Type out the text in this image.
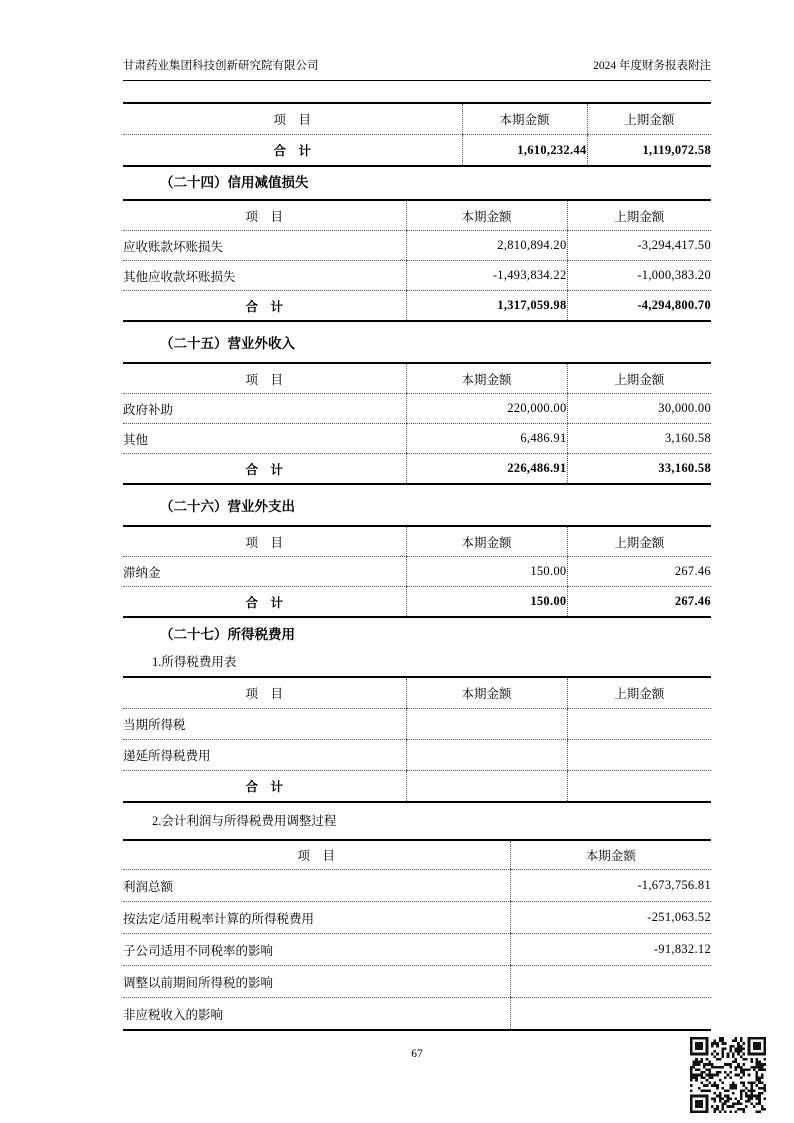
甘肃药业集团科技创新研究院有限公司	2024 年度财务报表附注
项　目	本期金额	上期金额
合　计	1,610,232.44	1,119,072.58
（二十四）信用减值损失
项　目	本期金额	上期金额
应收账款坏账损失	2,810,894.20	-3,294,417.50
其他应收款坏账损失	-1,493,834.22	-1,000,383.20
合　计	1,317,059.98	-4,294,800.70
（二十五）营业外收入
项　目	本期金额	上期金额
政府补助	220,000.00	30,000.00
其他	6,486.91	3,160.58
合　计	226,486.91	33,160.58
（二十六）营业外支出
项　目	本期金额	上期金额
滞纳金	150.00	267.46
合　计	150.00	267.46
（二十七）所得税费用
1.所得税费用表
项　目	本期金额	上期金额
当期所得税		
递延所得税费用		
合　计		
2.会计利润与所得税费用调整过程
项　目	本期金额
利润总额	-1,673,756.81
按法定/适用税率计算的所得税费用	-251,063.52
子公司适用不同税率的影响	-91,832.12
调整以前期间所得税的影响	
非应税收入的影响	
67
